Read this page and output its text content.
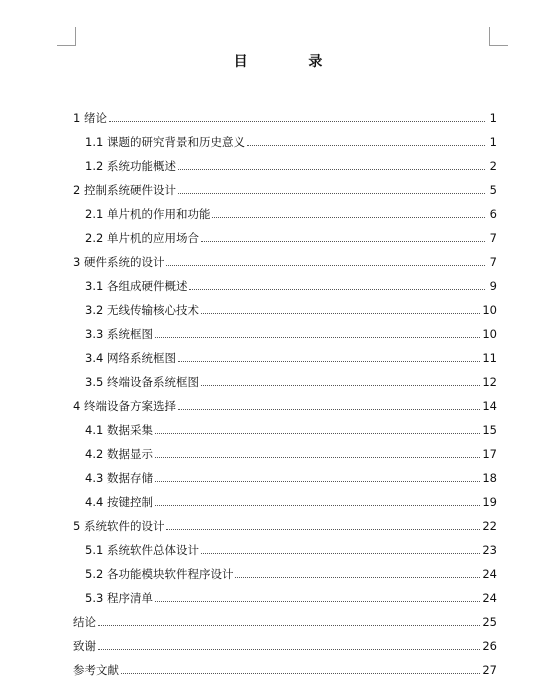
目 录
1 绪论	1
1.1 课题的研究背景和历史意义	1
1.2 系统功能概述	2
2 控制系统硬件设计	5
2.1 单片机的作用和功能	6
2.2 单片机的应用场合	7
3 硬件系统的设计	7
3.1 各组成硬件概述	9
3.2 无线传输核心技术	10
3.3 系统框图	10
3.4 网络系统框图	11
3.5 终端设备系统框图	12
4 终端设备方案选择	14
4.1 数据采集	15
4.2 数据显示	17
4.3 数据存储	18
4.4 按键控制	19
5 系统软件的设计	22
5.1 系统软件总体设计	23
5.2 各功能模块软件程序设计	24
5.3 程序清单	24
结论	25
致谢	26
参考文献	27
